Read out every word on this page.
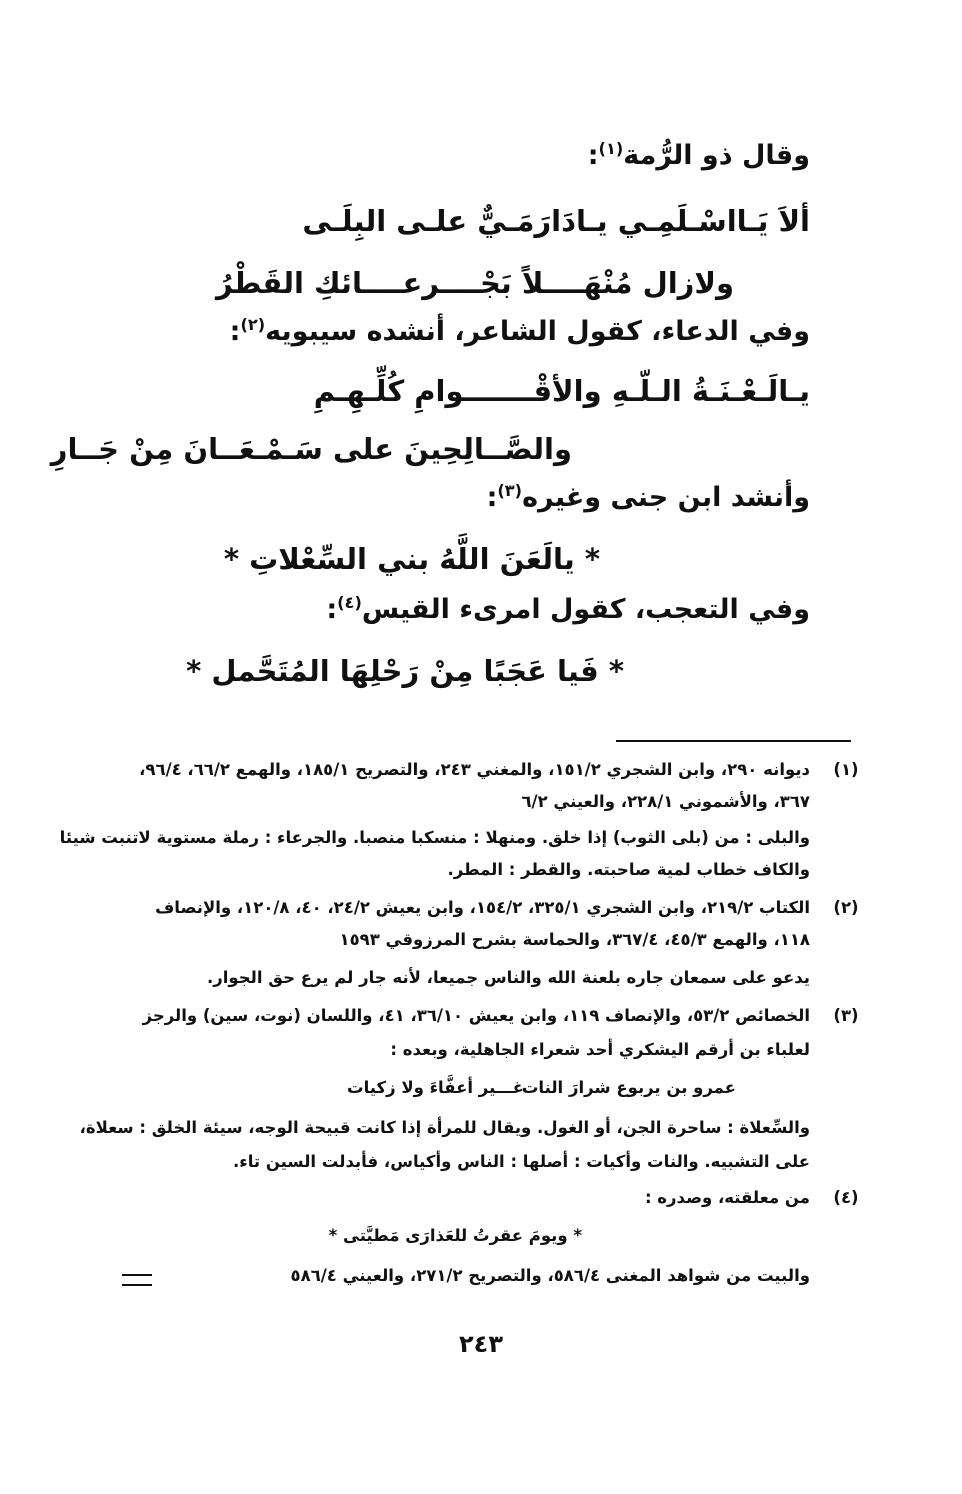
وقال ذو الرُّمة$^{(١)}$:
ألاَ يَـااسْـلَمِـي يـادَارَمَـيٌّ علـى البِلَـى
ولازال مُنْهَــــلاً بَجْــــرعــــائكِ القَطْرُ
وفي الدعاء، كقول الشاعر، أنشده سيبويه$^{(٢)}$:
يـالَـعْـنَـةُ الـلّـهِ والأقْـــــــوامِ كُلِّـهِـمِ
والصَّــالِحِينَ على سَـمْـعَــانَ مِنْ جَــارِ
وأنشد ابن جنى وغيره$^{(٣)}$:
* يالَعَنَ اللَّهُ بني السِّعْلاتِ *
وفي التعجب، كقول امرىء القيس$^{(٤)}$:
* فَيا عَجَبًا مِنْ رَحْلِهَا المُتَحَّمل *
(١)
ديوانه ٢٩٠، وابن الشجري ١٥١/٢، والمغني ٢٤٣، والتصريح ١٨٥/١، والهمع ٦٦/٢، ٩٦/٤،
٣٦٧، والأشموني ٢٢٨/١، والعيني ٦/٢
والبلى : من (بلى الثوب) إذا خلق. ومنهلا : منسكبا منصبا. والجرعاء : رملة مستوية لاتنبت شيئا
والكاف خطاب لمية صاحبته. والقطر : المطر.
(٢)
الكتاب ٢١٩/٢، وابن الشجري ٣٢٥/١، ١٥٤/٢، وابن يعيش ٢٤/٢، ٤٠، ١٢٠/٨، والإنصاف
١١٨، والهمع ٤٥/٣، ٣٦٧/٤، والحماسة بشرح المرزوقي ١٥٩٣
يدعو على سمعان جاره بلعنة الله والناس جميعا، لأنه جار لم يرع حق الجوار.
(٣)
الخصائص ٥٣/٢، والإنصاف ١١٩، وابن يعيش ٣٦/١٠، ٤١، واللسان (نوت، سين) والرجز
لعلباء بن أرقم اليشكري أحد شعراء الجاهلية، وبعده :
عمرو بن يربوع شرارَ النات
غـــير أعفَّاءَ ولا زكيات
والسِّعلاة : ساحرة الجن، أو الغول. ويقال للمرأة إذا كانت قبيحة الوجه، سيئة الخلق : سعلاة،
على التشبيه. والنات وأكيات : أصلها : الناس وأكياس، فأبدلت السين تاء.
(٤)
من معلقته، وصدره :
* ويومَ عقرتُ للعَذارَى مَطيَّتى *
والبيت من شواهد المغنى ٥٨٦/٤، والتصريح ٢٧١/٢، والعيني ٥٨٦/٤
٢٤٣
